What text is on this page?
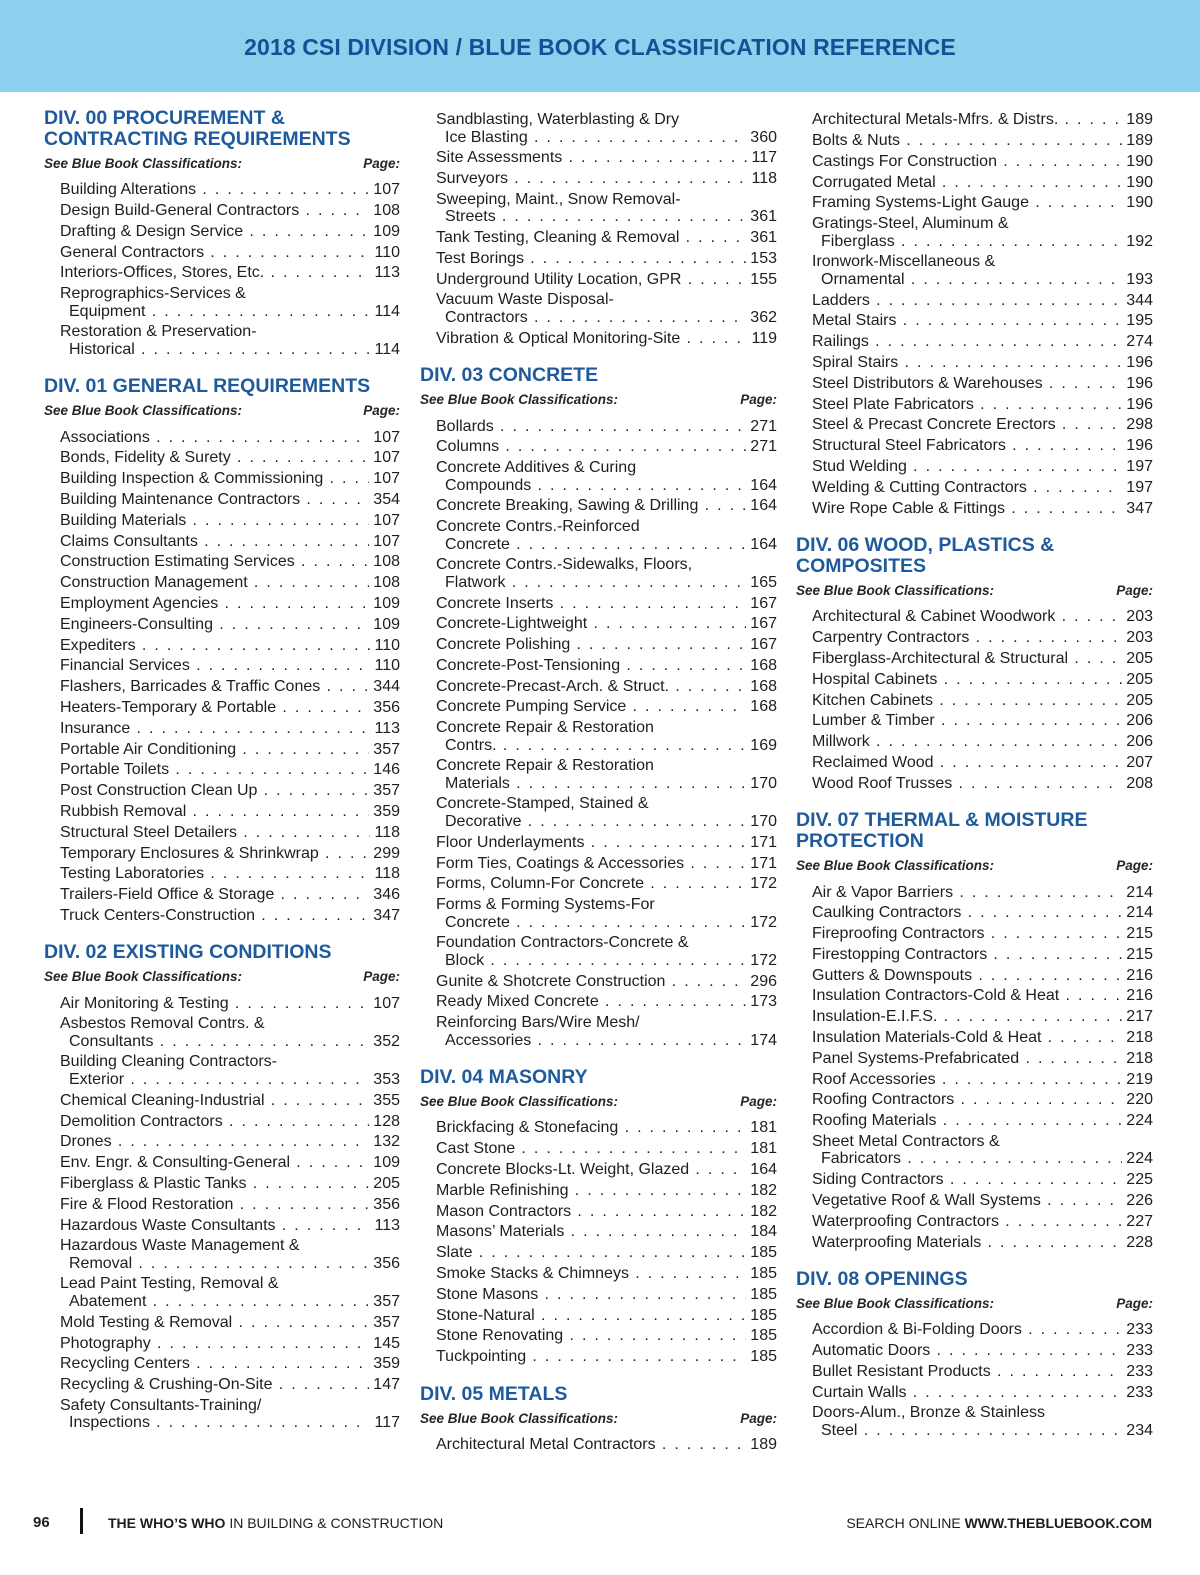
2018 CSI DIVISION / BLUE BOOK CLASSIFICATION REFERENCE
DIV. 00 PROCUREMENT & CONTRACTING REQUIREMENTS
See Blue Book Classifications:	Page:
Building Alterations . . .	107
Design Build-General Contractors . . .	108
Drafting & Design Service . . .	109
General Contractors . . .	110
Interiors-Offices, Stores, Etc. . . .	113
Reprographics-Services &
Equipment . . .	114
Restoration & Preservation-
Historical . . .	114
DIV. 01 GENERAL REQUIREMENTS
See Blue Book Classifications:	Page:
Associations . . .	107
Bonds, Fidelity & Surety . . .	107
Building Inspection & Commissioning . . .	107
Building Maintenance Contractors . . .	354
Building Materials . . .	107
Claims Consultants . . .	107
Construction Estimating Services . . .	108
Construction Management . . .	108
Employment Agencies . . .	109
Engineers-Consulting . . .	109
Expediters . . .	110
Financial Services . . .	110
Flashers, Barricades & Traffic Cones . . .	344
Heaters-Temporary & Portable . . .	356
Insurance . . .	113
Portable Air Conditioning . . .	357
Portable Toilets . . .	146
Post Construction Clean Up . . .	357
Rubbish Removal . . .	359
Structural Steel Detailers . . .	118
Temporary Enclosures & Shrinkwrap . . .	299
Testing Laboratories . . .	118
Trailers-Field Office & Storage . . .	346
Truck Centers-Construction . . .	347
DIV. 02 EXISTING CONDITIONS
See Blue Book Classifications:	Page:
Air Monitoring & Testing . . .	107
Asbestos Removal Contrs. &
Consultants . . .	352
Building Cleaning Contractors-
Exterior . . .	353
Chemical Cleaning-Industrial . . .	355
Demolition Contractors . . .	128
Drones . . .	132
Env. Engr. & Consulting-General . . .	109
Fiberglass & Plastic Tanks . . .	205
Fire & Flood Restoration . . .	356
Hazardous Waste Consultants . . .	113
Hazardous Waste Management &
Removal . . .	356
Lead Paint Testing, Removal &
Abatement . . .	357
Mold Testing & Removal . . .	357
Photography . . .	145
Recycling Centers . . .	359
Recycling & Crushing-On-Site . . .	147
Safety Consultants-Training/
Inspections . . .	117
Sandblasting, Waterblasting & Dry
Ice Blasting . . .	360
Site Assessments . . .	117
Surveyors . . .	118
Sweeping, Maint., Snow Removal-
Streets . . .	361
Tank Testing, Cleaning & Removal . . .	361
Test Borings . . .	153
Underground Utility Location, GPR . . .	155
Vacuum Waste Disposal-
Contractors . . .	362
Vibration & Optical Monitoring-Site . . .	119
DIV. 03 CONCRETE
See Blue Book Classifications:	Page:
Bollards . . .	271
Columns . . .	271
Concrete Additives & Curing
Compounds . . .	164
Concrete Breaking, Sawing & Drilling . . .	164
Concrete Contrs.-Reinforced
Concrete . . .	164
Concrete Contrs.-Sidewalks, Floors,
Flatwork . . .	165
Concrete Inserts . . .	167
Concrete-Lightweight . . .	167
Concrete Polishing . . .	167
Concrete-Post-Tensioning . . .	168
Concrete-Precast-Arch. & Struct. . . .	168
Concrete Pumping Service . . .	168
Concrete Repair & Restoration
Contrs. . . .	169
Concrete Repair & Restoration
Materials . . .	170
Concrete-Stamped, Stained &
Decorative . . .	170
Floor Underlayments . . .	171
Form Ties, Coatings & Accessories . . .	171
Forms, Column-For Concrete . . .	172
Forms & Forming Systems-For
Concrete . . .	172
Foundation Contractors-Concrete &
Block . . .	172
Gunite & Shotcrete Construction . . .	296
Ready Mixed Concrete . . .	173
Reinforcing Bars/Wire Mesh/
Accessories . . .	174
DIV. 04 MASONRY
See Blue Book Classifications:	Page:
Brickfacing & Stonefacing . . .	181
Cast Stone . . .	181
Concrete Blocks-Lt. Weight, Glazed . . .	164
Marble Refinishing . . .	182
Mason Contractors . . .	182
Masons’ Materials . . .	184
Slate . . .	185
Smoke Stacks & Chimneys . . .	185
Stone Masons . . .	185
Stone-Natural . . .	185
Stone Renovating . . .	185
Tuckpointing . . .	185
DIV. 05 METALS
See Blue Book Classifications:	Page:
Architectural Metal Contractors . . .	189
Architectural Metals-Mfrs. & Distrs. . . .	189
Bolts & Nuts . . .	189
Castings For Construction . . .	190
Corrugated Metal . . .	190
Framing Systems-Light Gauge . . .	190
Gratings-Steel, Aluminum &
Fiberglass . . .	192
Ironwork-Miscellaneous &
Ornamental . . .	193
Ladders . . .	344
Metal Stairs . . .	195
Railings . . .	274
Spiral Stairs . . .	196
Steel Distributors & Warehouses . . .	196
Steel Plate Fabricators . . .	196
Steel & Precast Concrete Erectors . . .	298
Structural Steel Fabricators . . .	196
Stud Welding . . .	197
Welding & Cutting Contractors . . .	197
Wire Rope Cable & Fittings . . .	347
DIV. 06 WOOD, PLASTICS & COMPOSITES
See Blue Book Classifications:	Page:
Architectural & Cabinet Woodwork . . .	203
Carpentry Contractors . . .	203
Fiberglass-Architectural & Structural . . .	205
Hospital Cabinets . . .	205
Kitchen Cabinets . . .	205
Lumber & Timber . . .	206
Millwork . . .	206
Reclaimed Wood . . .	207
Wood Roof Trusses . . .	208
DIV. 07 THERMAL & MOISTURE PROTECTION
See Blue Book Classifications:	Page:
Air & Vapor Barriers . . .	214
Caulking Contractors . . .	214
Fireproofing Contractors . . .	215
Firestopping Contractors . . .	215
Gutters & Downspouts . . .	216
Insulation Contractors-Cold & Heat . . .	216
Insulation-E.I.F.S. . . .	217
Insulation Materials-Cold & Heat . . .	218
Panel Systems-Prefabricated . . .	218
Roof Accessories . . .	219
Roofing Contractors . . .	220
Roofing Materials . . .	224
Sheet Metal Contractors &
Fabricators . . .	224
Siding Contractors . . .	225
Vegetative Roof & Wall Systems . . .	226
Waterproofing Contractors . . .	227
Waterproofing Materials . . .	228
DIV. 08 OPENINGS
See Blue Book Classifications:	Page:
Accordion & Bi-Folding Doors . . .	233
Automatic Doors . . .	233
Bullet Resistant Products . . .	233
Curtain Walls . . .	233
Doors-Alum., Bronze & Stainless
Steel . . .	234
96	THE WHO’S WHO IN BUILDING & CONSTRUCTION	SEARCH ONLINE WWW.THEBLUEBOOK.COM
